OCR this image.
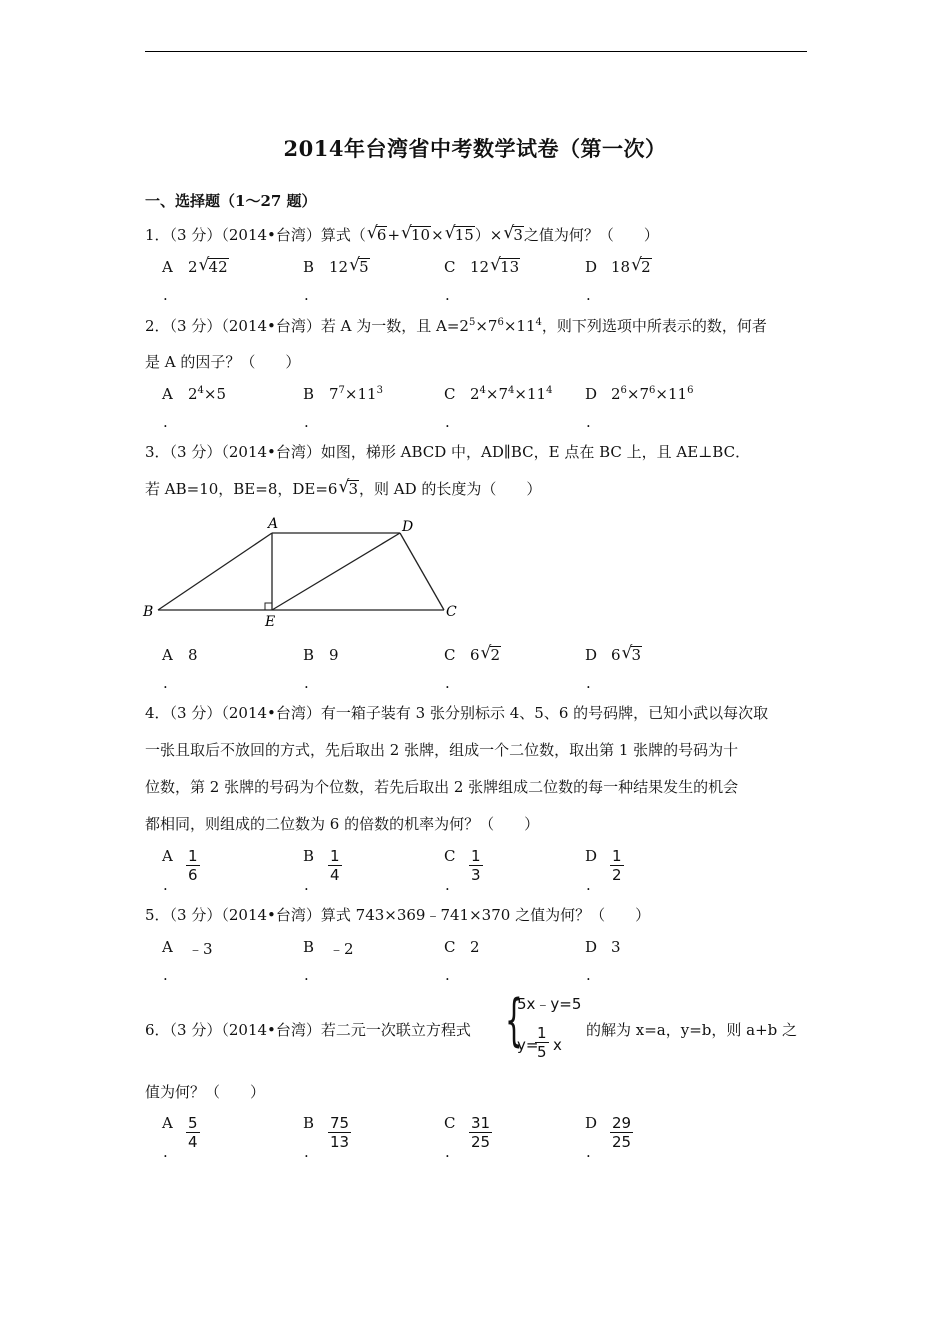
2014年台湾省中考数学试卷（第一次）
一、选择题（1～27 题）
1．（3 分）（2014•台湾）算式（ √ 6+ √ 10× √ 15）× √ 3之值为何？（　　）
A
.
2 √ 42	B
.
12 √ 5	C
.
12 √ 13	D
.
18 √ 2
2．（3 分）（2014•台湾）若 A 为一数，且 $A=2^5\times 7^6\times 11^4$，则下列选项中所表示的数，何者
是 A 的因子？（　　）
A
.
$2^4\times 5$	B
.
$7^7\times 11^3$	C
.
$2^4\times 7^4\times 11^4$ D
.
$2^6\times 7^6\times 11^6$
3．（3 分）（2014•台湾）如图，梯形 ABCD 中，AD∥BC，E 点在 BC 上，且 AE⊥BC．
若 AB=10，BE=8，DE=6 √ 3，则 AD 的长度为（　　）
A	D
B	C
E
A
.
8	B
.
9	C
.
6 √ 2	D
.
6 √ 3
4．（3 分）（2014•台湾）有一箱子装有 3 张分别标示 4、5、6 的号码牌，已知小武以每次取
一张且取后不放回的方式，先后取出 2 张牌，组成一个二位数，取出第 1 张牌的号码为十
位数，第 2 张牌的号码为个位数，若先后取出 2 张牌组成二位数的每一种结果发生的机会
都相同，则组成的二位数为 6 的倍数的机率为何？（　　）
A
.
$\frac{1}{6}$	B
.
$\frac{1}{4}$	C
.
$\frac{1}{3}$	D
.
$\frac{1}{2}$
5．（3 分）（2014•台湾）算式 743×369﹣741×370 之值为何？（　　）
A
.
﹣3	B
.
﹣2	C
.
2	D
.
3
6．（3 分）（2014•台湾）若二元一次联立方程式 {
5x﹣y=5
y=
$\frac{1}{5}$ x
的解为 x=a，y=b，则 a+b 之
值为何？（　　）
A
.
$\frac{5}{4}$	B
.
$\frac{75}{13}$	C
.
$\frac{31}{25}$	D
.
$\frac{29}{25}$
